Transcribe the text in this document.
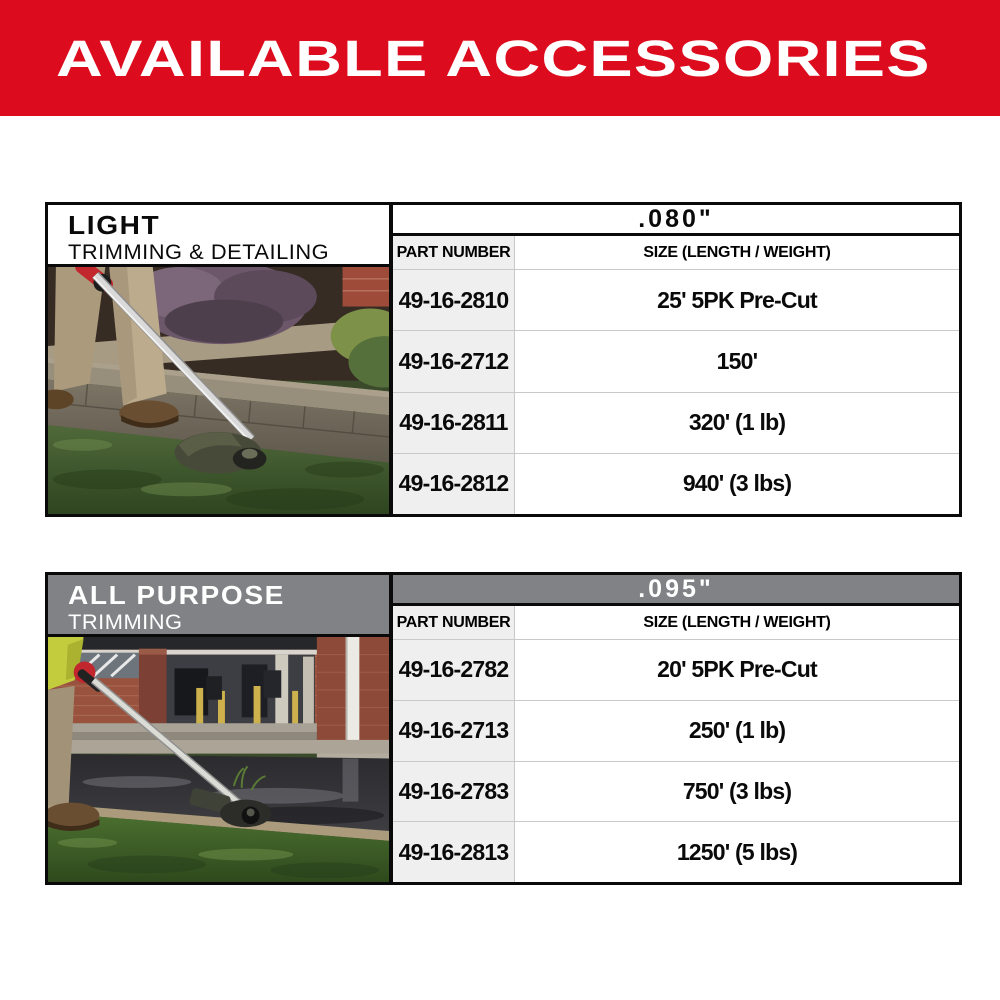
AVAILABLE ACCESSORIES
LIGHT
TRIMMING & DETAILING
.080"
PART NUMBER	SIZE (LENGTH / WEIGHT)
49-16-2810	25' 5PK Pre-Cut
49-16-2712	150'
49-16-2811	320' (1 lb)
49-16-2812	940' (3 lbs)
ALL PURPOSE
TRIMMING
.095"
PART NUMBER	SIZE (LENGTH / WEIGHT)
49-16-2782	20' 5PK Pre-Cut
49-16-2713	250' (1 lb)
49-16-2783	750' (3 lbs)
49-16-2813	1250' (5 lbs)
